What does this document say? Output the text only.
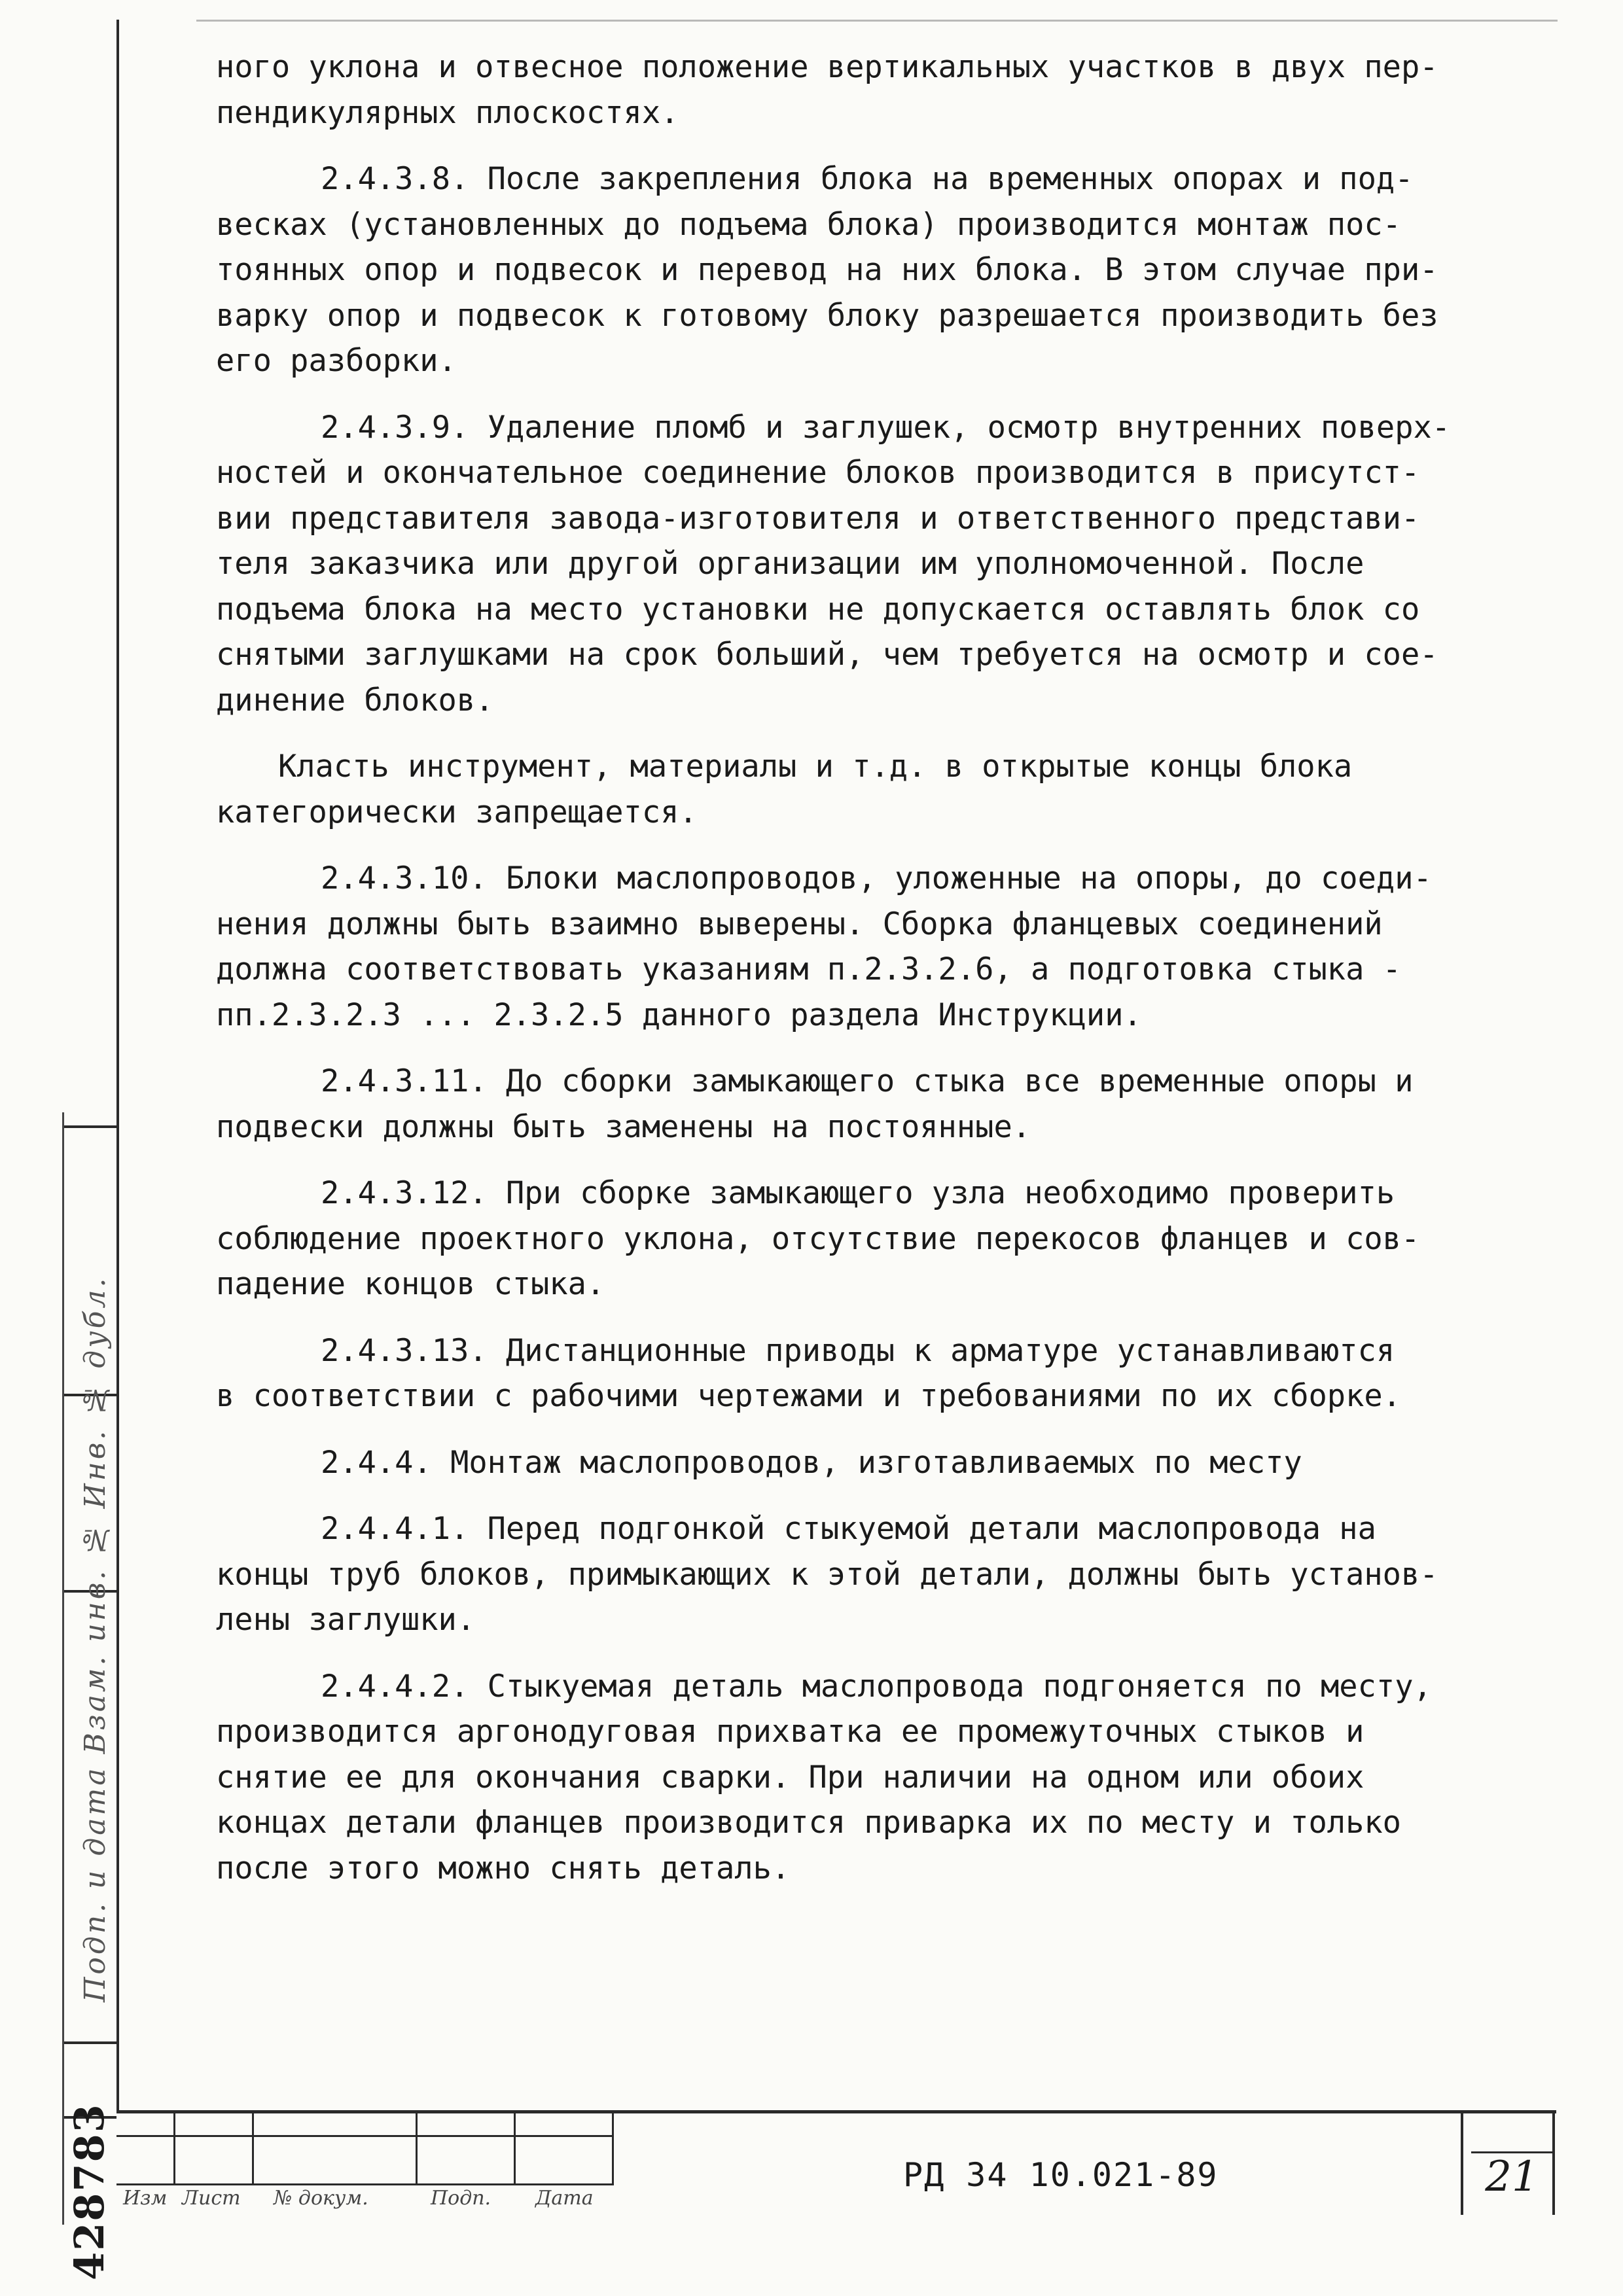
Подп. и дата Взам. инв. № Инв. № дубл.
428783
ного уклона и отвесное положение вертикальных участков в двух пер-
пендикулярных плоскостях.
2.4.3.8. После закрепления блока на временных опорах и под-
весках (установленных до подъема блока) производится монтаж пос-
тоянных опор и подвесок и перевод на них блока. В этом случае при-
варку опор и подвесок к готовому блоку разрешается производить без
его разборки.
2.4.3.9. Удаление пломб и заглушек, осмотр внутренних поверх-
ностей и окончательное соединение блоков производится в присутст-
вии представителя завода-изготовителя и ответственного представи-
теля заказчика или другой организации им уполномоченной. После
подъема блока на место установки не допускается оставлять блок со
снятыми заглушками на срок больший, чем требуется на осмотр и сое-
динение блоков.
Класть инструмент, материалы и т.д. в открытые концы блока
категорически запрещается.
2.4.3.10. Блоки маслопроводов, уложенные на опоры, до соеди-
нения должны быть взаимно выверены. Сборка фланцевых соединений
должна соответствовать указаниям п.2.3.2.6, а подготовка стыка -
пп.2.3.2.3 ... 2.3.2.5 данного раздела Инструкции.
2.4.3.11. До сборки замыкающего стыка все временные опоры и
подвески должны быть заменены на постоянные.
2.4.3.12. При сборке замыкающего узла необходимо проверить
соблюдение проектного уклона, отсутствие перекосов фланцев и сов-
падение концов стыка.
2.4.3.13. Дистанционные приводы к арматуре устанавливаются
в соответствии с рабочими чертежами и требованиями по их сборке.
2.4.4. Монтаж маслопроводов, изготавливаемых по месту
2.4.4.1. Перед подгонкой стыкуемой детали маслопровода на
концы труб блоков, примыкающих к этой детали, должны быть установ-
лены заглушки.
2.4.4.2. Стыкуемая деталь маслопровода подгоняется по месту,
производится аргонодуговая прихватка ее промежуточных стыков и
снятие ее для окончания сварки. При наличии на одном или обоих
концах детали фланцев производится приварка их по месту и только
после этого можно снять деталь.
Изм Лист № докум.	Подп. Дата
РД 34 10.021-89	21
